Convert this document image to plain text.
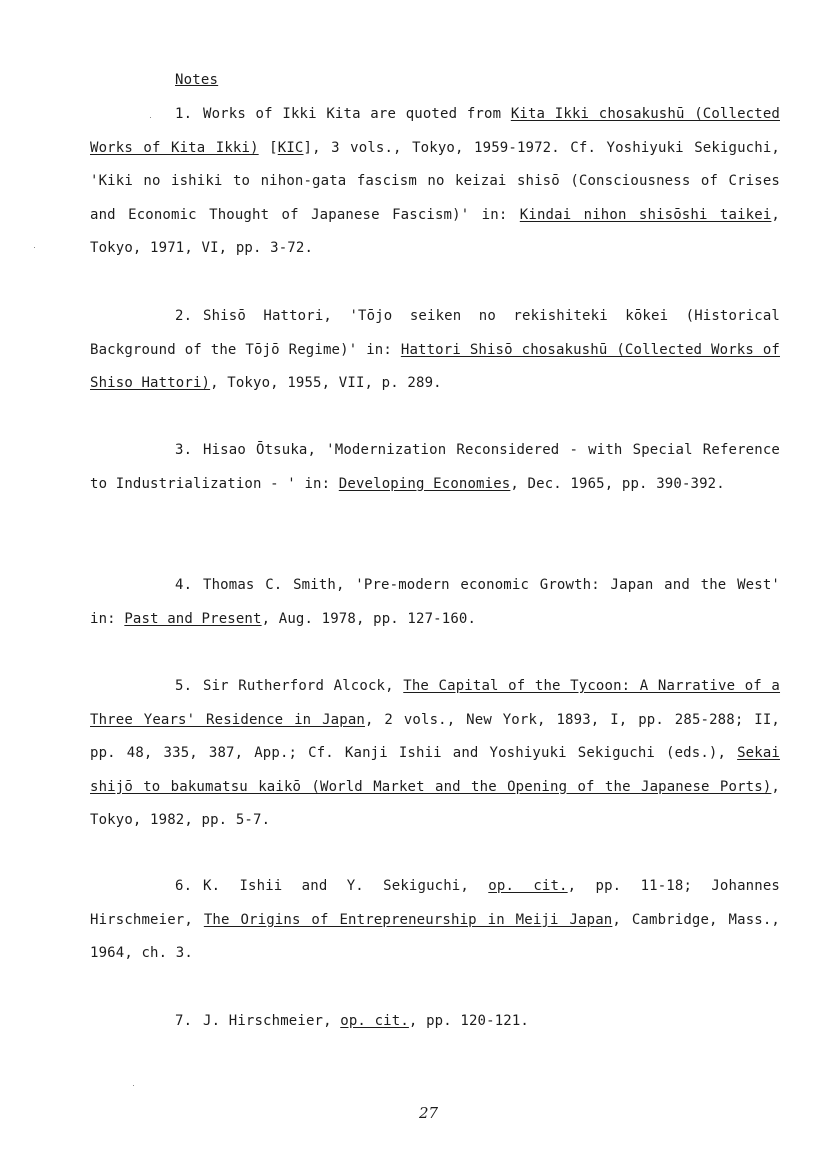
Notes
1. Works of Ikki Kita are quoted from Kita Ikki chosakushū (Collected Works of Kita Ikki) [KIC], 3 vols., Tokyo, 1959-1972. Cf. Yoshiyuki Sekiguchi, 'Kiki no ishiki to nihon-gata fascism no keizai shisō (Consciousness of Crises and Economic Thought of Japanese Fascism)' in: Kindai nihon shisōshi taikei, Tokyo, 1971, VI, pp. 3-72.
2. Shisō Hattori, 'Tōjo seiken no rekishiteki kōkei (Historical Background of the Tōjō Regime)' in: Hattori Shisō chosakushū (Collected Works of Shiso Hattori), Tokyo, 1955, VII, p. 289.
3. Hisao Ōtsuka, 'Modernization Reconsidered - with Special Reference to Industrialization - ' in: Developing Economies, Dec. 1965, pp. 390-392.
4. Thomas C. Smith, 'Pre-modern economic Growth: Japan and the West' in: Past and Present, Aug. 1978, pp. 127-160.
5. Sir Rutherford Alcock, The Capital of the Tycoon: A Narrative of a Three Years' Residence in Japan, 2 vols., New York, 1893, I, pp. 285-288; II, pp. 48, 335, 387, App.; Cf. Kanji Ishii and Yoshiyuki Sekiguchi (eds.), Sekai shijō to bakumatsu kaikō (World Market and the Opening of the Japanese Ports), Tokyo, 1982, pp. 5-7.
6. K. Ishii and Y. Sekiguchi, op. cit., pp. 11-18; Johannes Hirschmeier, The Origins of Entrepreneurship in Meiji Japan, Cambridge, Mass., 1964, ch. 3.
7. J. Hirschmeier, op. cit., pp. 120-121.
27
